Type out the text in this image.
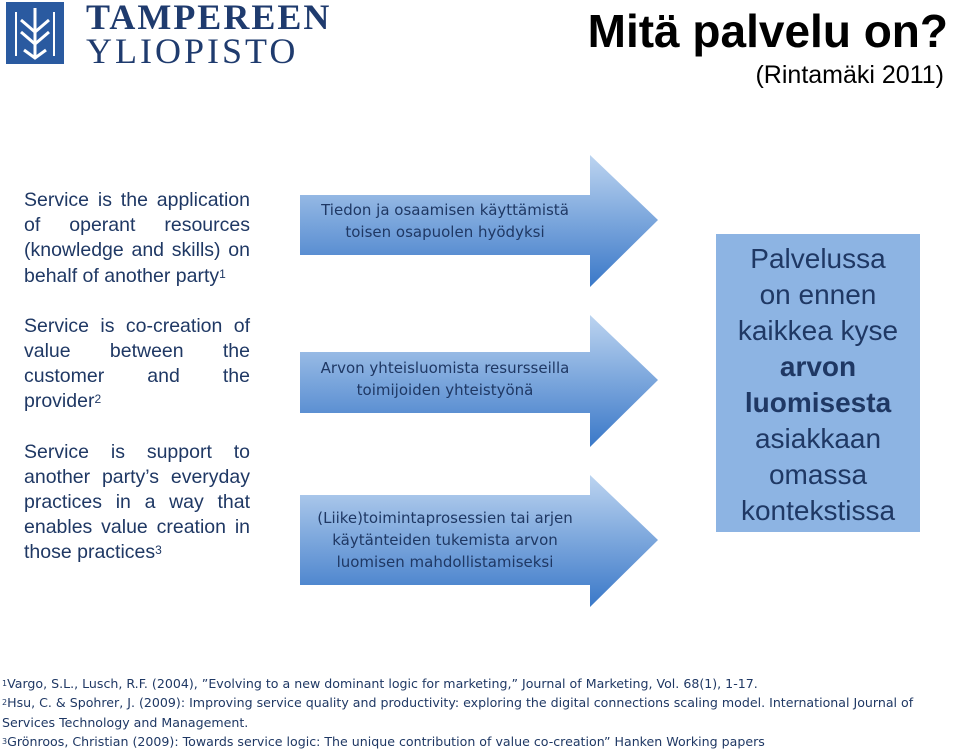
TAMPEREEN
YLIOPISTO	Mitä palvelu on?
(Rintamäki 2011)
Service is the application of operant resources (knowledge and skills) on behalf of another party$^1$
Service is co-creation of value between the customer and the provider$^2$
Service is support to another party’s everyday practices in a way that enables value creation in those practices$^3$
Tiedon ja osaamisen käyttämistä
toisen osapuolen hyödyksi
Arvon yhteisluomista resursseilla
toimijoiden yhteistyönä
(Liike)toimintaprosessien tai arjen
käytänteiden tukemista arvon
luomisen mahdollistamiseksi
Palvelussa
on ennen
kaikkea kyse
arvon
luomisesta
asiakkaan
omassa
kontekstissa
$^1$Vargo, S.L., Lusch, R.F. (2004), ”Evolving to a new dominant logic for marketing,” Journal of Marketing, Vol. 68(1), 1-17.
$^2$Hsu, C. & Spohrer, J. (2009): Improving service quality and productivity: exploring the digital connections scaling model. International Journal of Services Technology and Management.
$^3$Grönroos, Christian (2009): Towards service logic: The unique contribution of value co-creation” Hanken Working papers
